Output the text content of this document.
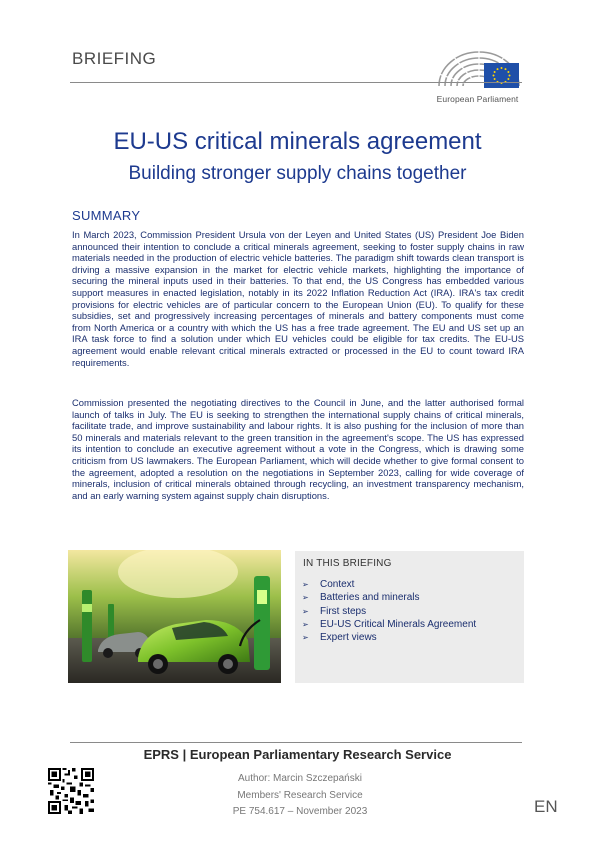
BRIEFING
European Parliament
EU-US critical minerals agreement
Building stronger supply chains together
SUMMARY
In March 2023, Commission President Ursula von der Leyen and United States (US) President Joe Biden announced their intention to conclude a critical minerals agreement, seeking to foster supply chains in raw materials needed in the production of electric vehicle batteries. The paradigm shift towards clean transport is driving a massive expansion in the market for electric vehicle markets, highlighting the importance of securing the mineral inputs used in their batteries. To that end, the US Congress has embedded various support measures in enacted legislation, notably in its 2022 Inflation Reduction Act (IRA). IRA's tax credit provisions for electric vehicles are of particular concern to the European Union (EU). To qualify for these subsidies, set and progressively increasing percentages of minerals and battery components must come from North America or a country with which the US has a free trade agreement. The EU and US set up an IRA task force to find a solution under which EU vehicles could be eligible for tax credits. The EU-US agreement would enable relevant critical minerals extracted or processed in the EU to count toward IRA requirements.
Commission presented the negotiating directives to the Council in June, and the latter authorised formal launch of talks in July. The EU is seeking to strengthen the international supply chains of critical minerals, facilitate trade, and improve sustainability and labour rights. It is also pushing for the inclusion of more than 50 minerals and materials relevant to the green transition in the agreement's scope. The US has expressed its intention to conclude an executive agreement without a vote in the Congress, which is drawing some criticism from US lawmakers. The European Parliament, which will decide whether to give formal consent to the agreement, adopted a resolution on the negotiations in September 2023, calling for wide coverage of minerals, inclusion of critical minerals obtained through recycling, an investment transparency mechanism, and an early warning system against supply chain disruptions.
IN THIS BRIEFING
➢ Context
➢ Batteries and minerals
➢ First steps
➢ EU-US Critical Minerals Agreement
➢ Expert views
EPRS | European Parliamentary Research Service
Author: Marcin Szczepański
Members' Research Service
PE 754.617 – November 2023	EN
